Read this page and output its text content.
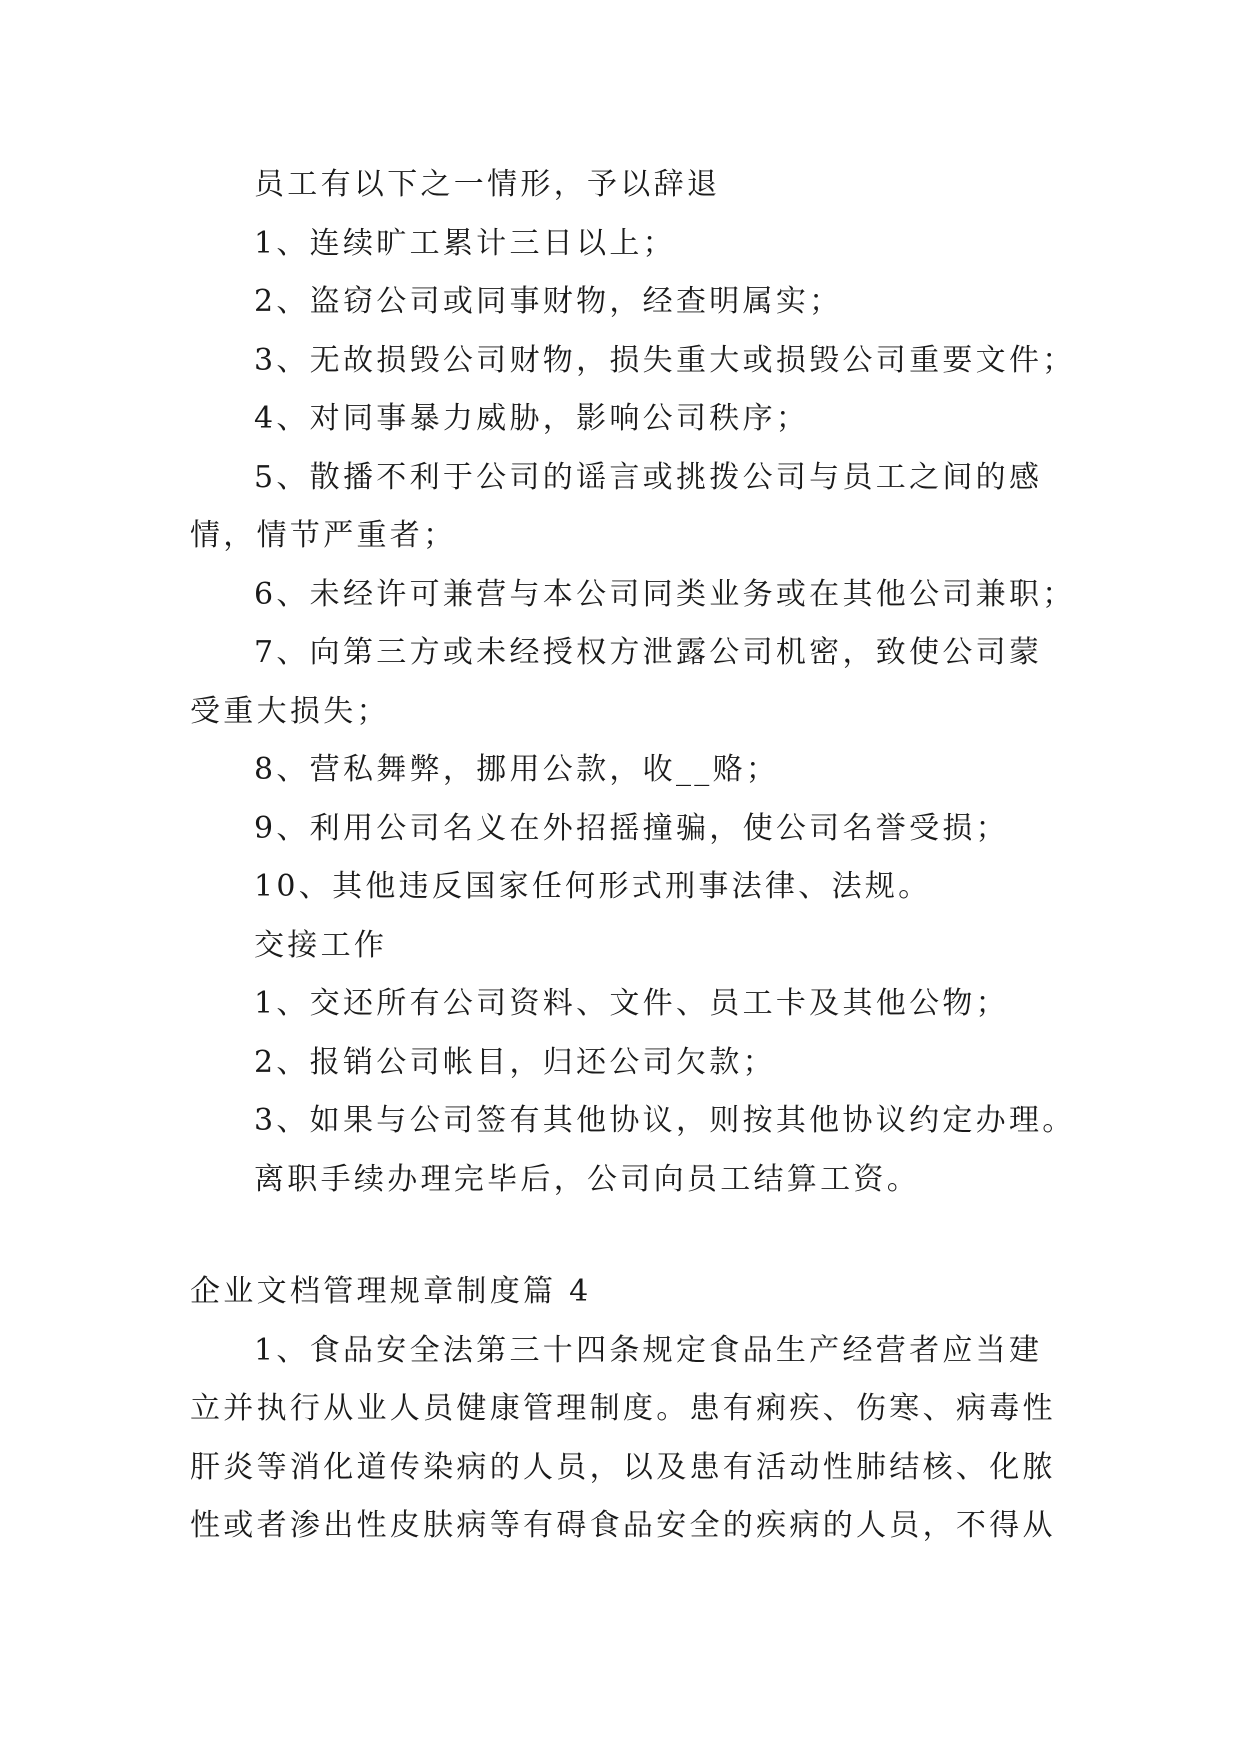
员工有以下之一情形，予以辞退
1、连续旷工累计三日以上；
2、盗窃公司或同事财物，经查明属实；
3、无故损毁公司财物，损失重大或损毁公司重要文件；
4、对同事暴力威胁，影响公司秩序；
5、散播不利于公司的谣言或挑拨公司与员工之间的感
情，情节严重者；
6、未经许可兼营与本公司同类业务或在其他公司兼职；
7、向第三方或未经授权方泄露公司机密，致使公司蒙
受重大损失；
8、营私舞弊，挪用公款，收__赂；
9、利用公司名义在外招摇撞骗，使公司名誉受损；
10、其他违反国家任何形式刑事法律、法规。
交接工作
1、交还所有公司资料、文件、员工卡及其他公物；
2、报销公司帐目，归还公司欠款；
3、如果与公司签有其他协议，则按其他协议约定办理。
离职手续办理完毕后，公司向员工结算工资。
企业文档管理规章制度篇 4
1、食品安全法第三十四条规定食品生产经营者应当建
立并执行从业人员健康管理制度。患有痢疾、伤寒、病毒性
肝炎等消化道传染病的人员，以及患有活动性肺结核、化脓
性或者渗出性皮肤病等有碍食品安全的疾病的人员，不得从
